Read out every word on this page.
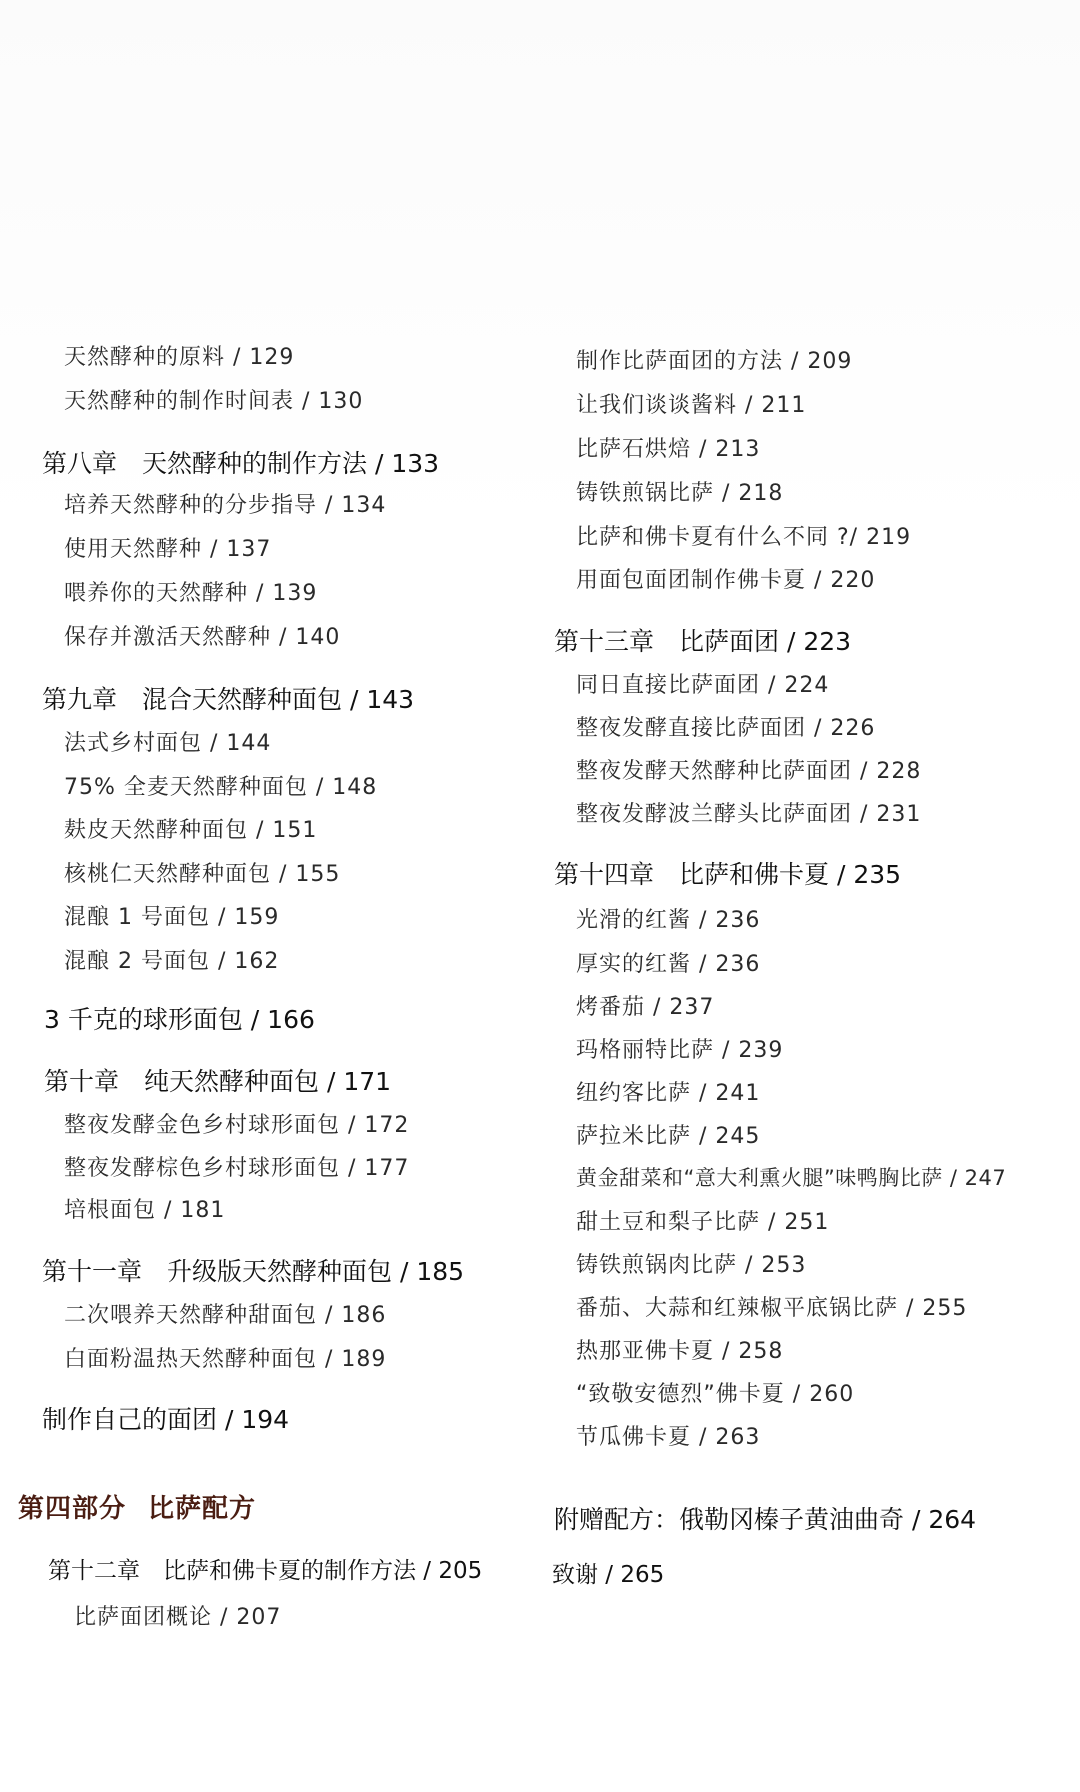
天然酵种的原料 / 129
天然酵种的制作时间表 / 130
第八章　天然酵种的制作方法 / 133
培养天然酵种的分步指导 / 134
使用天然酵种 / 137
喂养你的天然酵种 / 139
保存并激活天然酵种 / 140
第九章　混合天然酵种面包 / 143
法式乡村面包 / 144
75% 全麦天然酵种面包 / 148
麸皮天然酵种面包 / 151
核桃仁天然酵种面包 / 155
混酿 1 号面包 / 159
混酿 2 号面包 / 162
3 千克的球形面包 / 166
第十章　纯天然酵种面包 / 171
整夜发酵金色乡村球形面包 / 172
整夜发酵棕色乡村球形面包 / 177
培根面包 / 181
第十一章　升级版天然酵种面包 / 185
二次喂养天然酵种甜面包 / 186
白面粉温热天然酵种面包 / 189
制作自己的面团 / 194
第四部分 比萨配方
第十二章　比萨和佛卡夏的制作方法 / 205
比萨面团概论 / 207
制作比萨面团的方法 / 209
让我们谈谈酱料 / 211
比萨石烘焙 / 213
铸铁煎锅比萨 / 218
比萨和佛卡夏有什么不同 ?/ 219
用面包面团制作佛卡夏 / 220
第十三章　比萨面团 / 223
同日直接比萨面团 / 224
整夜发酵直接比萨面团 / 226
整夜发酵天然酵种比萨面团 / 228
整夜发酵波兰酵头比萨面团 / 231
第十四章　比萨和佛卡夏 / 235
光滑的红酱 / 236
厚实的红酱 / 236
烤番茄 / 237
玛格丽特比萨 / 239
纽约客比萨 / 241
萨拉米比萨 / 245
黄金甜菜和“意大利熏火腿”味鸭胸比萨 / 247
甜土豆和梨子比萨 / 251
铸铁煎锅肉比萨 / 253
番茄、大蒜和红辣椒平底锅比萨 / 255
热那亚佛卡夏 / 258
“致敬安德烈”佛卡夏 / 260
节瓜佛卡夏 / 263
附赠配方：俄勒冈榛子黄油曲奇 / 264
致谢 / 265
